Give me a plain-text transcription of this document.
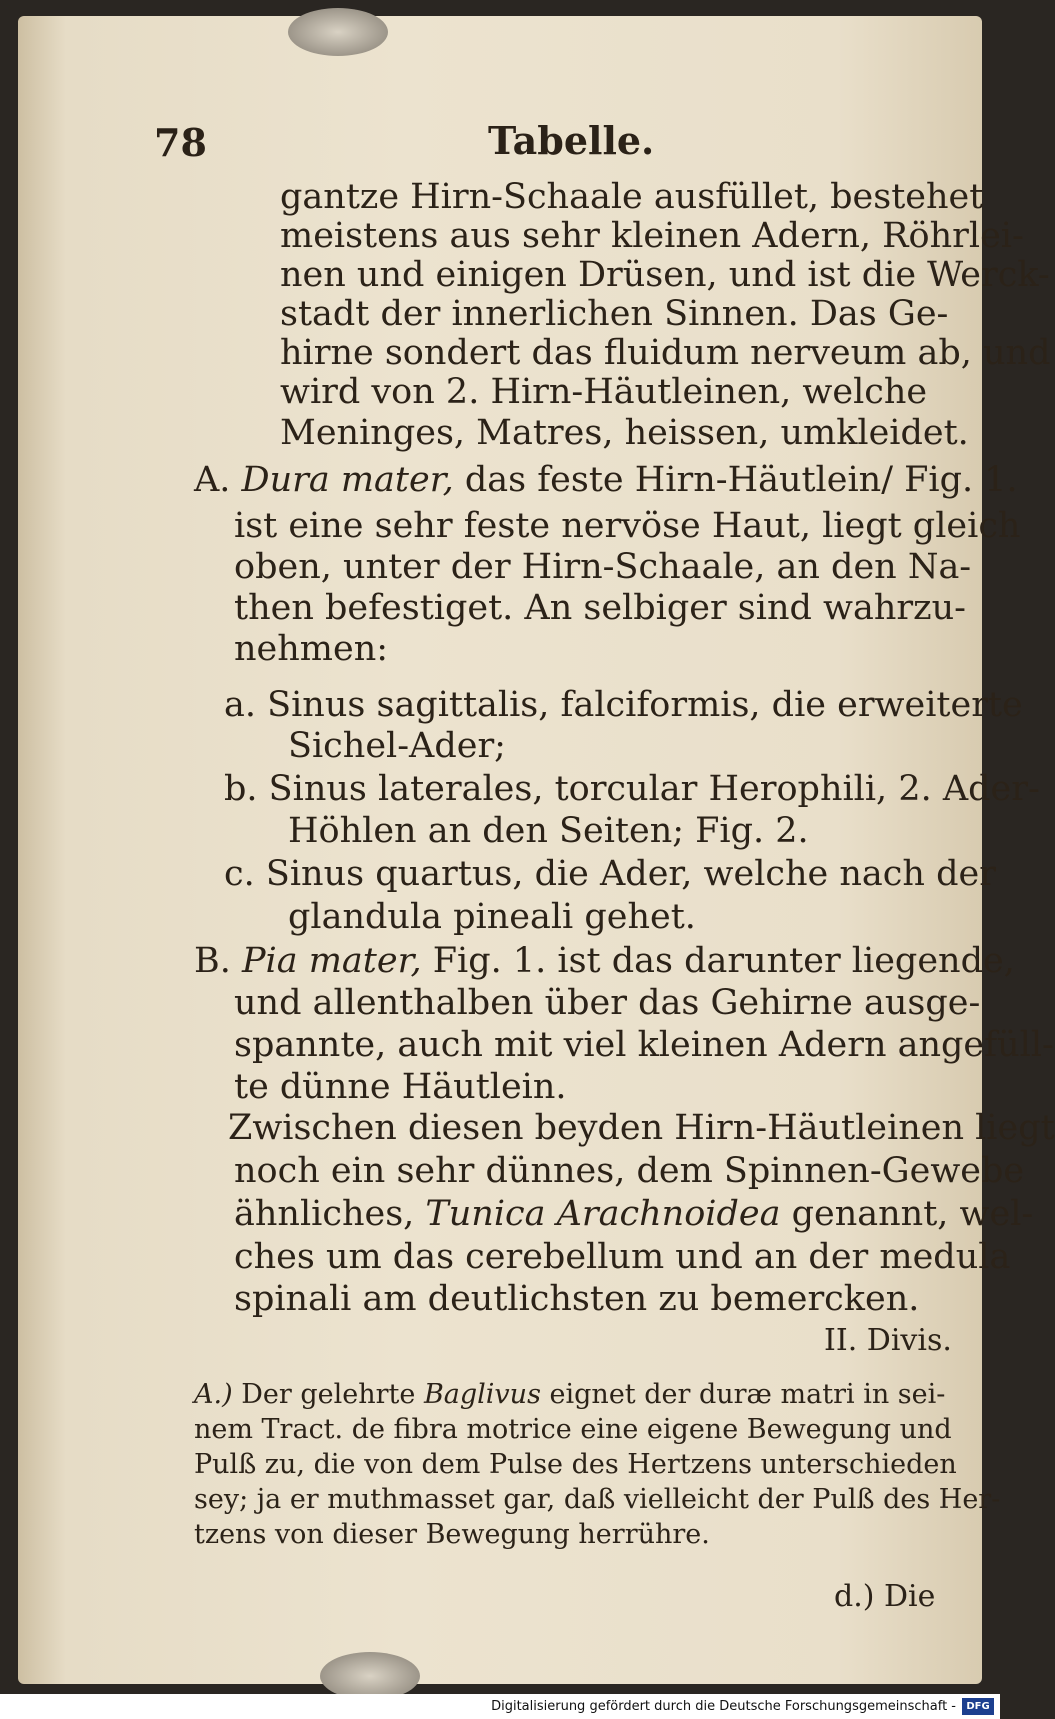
78	Tabelle.
gantze Hirn-Schaale ausfüllet, bestehet
meistens aus sehr kleinen Adern, Röhrlei-
nen und einigen Drüsen, und ist die Werck-
stadt der innerlichen Sinnen. Das Ge-
hirne sondert das fluidum nerveum ab, und
wird von 2. Hirn-Häutleinen, welche
Meninges, Matres, heissen, umkleidet.
A. Dura mater, das feste Hirn-Häutlein/ Fig. 1.
ist eine sehr feste nervöse Haut, liegt gleich
oben, unter der Hirn-Schaale, an den Na-
then befestiget. An selbiger sind wahrzu-
nehmen:
a. Sinus sagittalis, falciformis, die erweiterte
Sichel-Ader;
b. Sinus laterales, torcular Herophili, 2. Ader-
Höhlen an den Seiten; Fig. 2.
c. Sinus quartus, die Ader, welche nach der
glandula pineali gehet.
B. Pia mater, Fig. 1. ist das darunter liegende,
und allenthalben über das Gehirne ausge-
spannte, auch mit viel kleinen Adern angefüll-
te dünne Häutlein.
Zwischen diesen beyden Hirn-Häutleinen liegt
noch ein sehr dünnes, dem Spinnen-Gewebe
ähnliches, Tunica Arachnoidea genannt, wel-
ches um das cerebellum und an der medula
spinali am deutlichsten zu bemercken.
II. Divis.
A.) Der gelehrte Baglivus eignet der duræ matri in sei-
nem Tract. de fibra motrice eine eigene Bewegung und
Pulß zu, die von dem Pulse des Hertzens unterschieden
sey; ja er muthmasset gar, daß vielleicht der Pulß des Her-
tzens von dieser Bewegung herrühre.
d.) Die
Digitalisierung gefördert durch die Deutsche Forschungsgemeinschaft -	DFG
